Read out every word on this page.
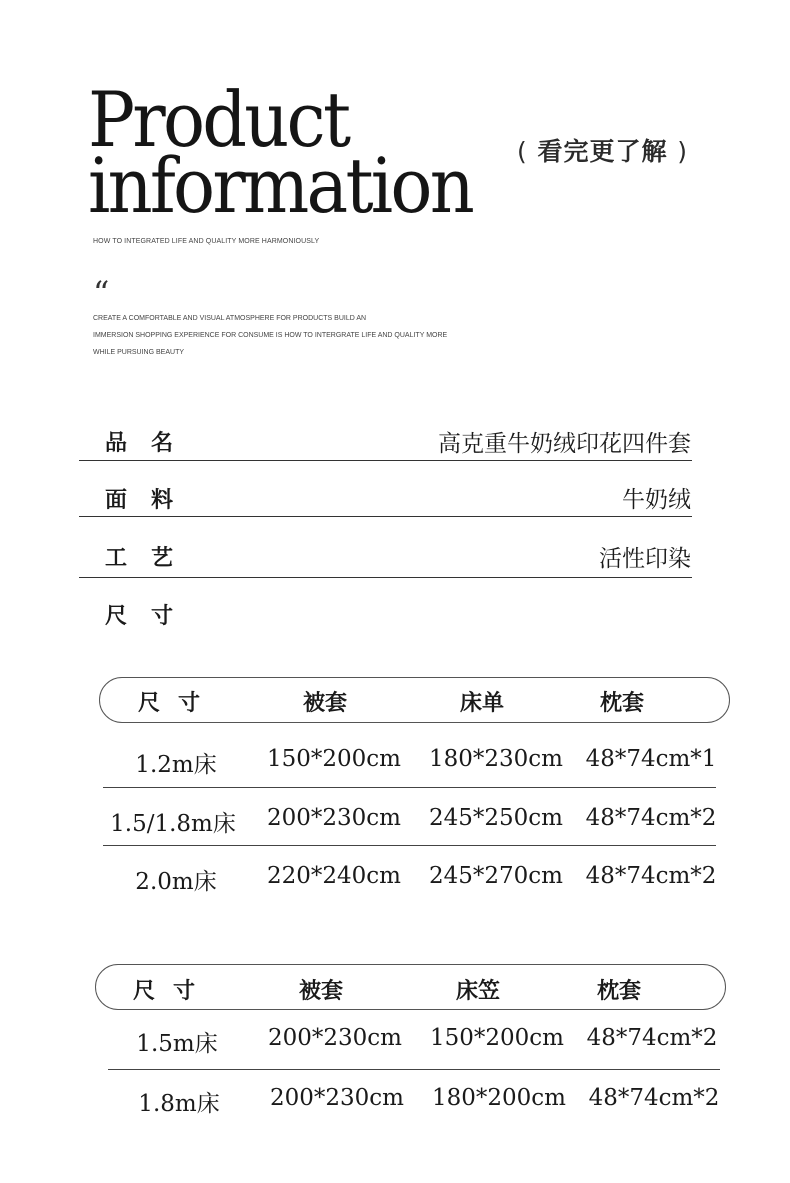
Product
information ( 看完更了解 )
HOW TO INTEGRATED LIFE AND QUALITY MORE HARMONIOUSLY
“
CREATE A COMFORTABLE AND VISUAL ATMOSPHERE FOR PRODUCTS BUILD AN
IMMERSION SHOPPING EXPERIENCE FOR CONSUME IS HOW TO INTERGRATE LIFE AND QUALITY MORE
WHILE PURSUING BEAUTY
品名	高克重牛奶绒印花四件套
面料	牛奶绒
工艺	活性印染
尺寸
尺寸	被套	床单	枕套
1.2m床 150*200cm 180*230cm 48*74cm*1
1.5/1.8m床 200*230cm 245*250cm 48*74cm*2
2.0m床 220*240cm 245*270cm 48*74cm*2
尺寸	被套	床笠	枕套
1.5m床 200*230cm 150*200cm 48*74cm*2
1.8m床 200*230cm 180*200cm 48*74cm*2
